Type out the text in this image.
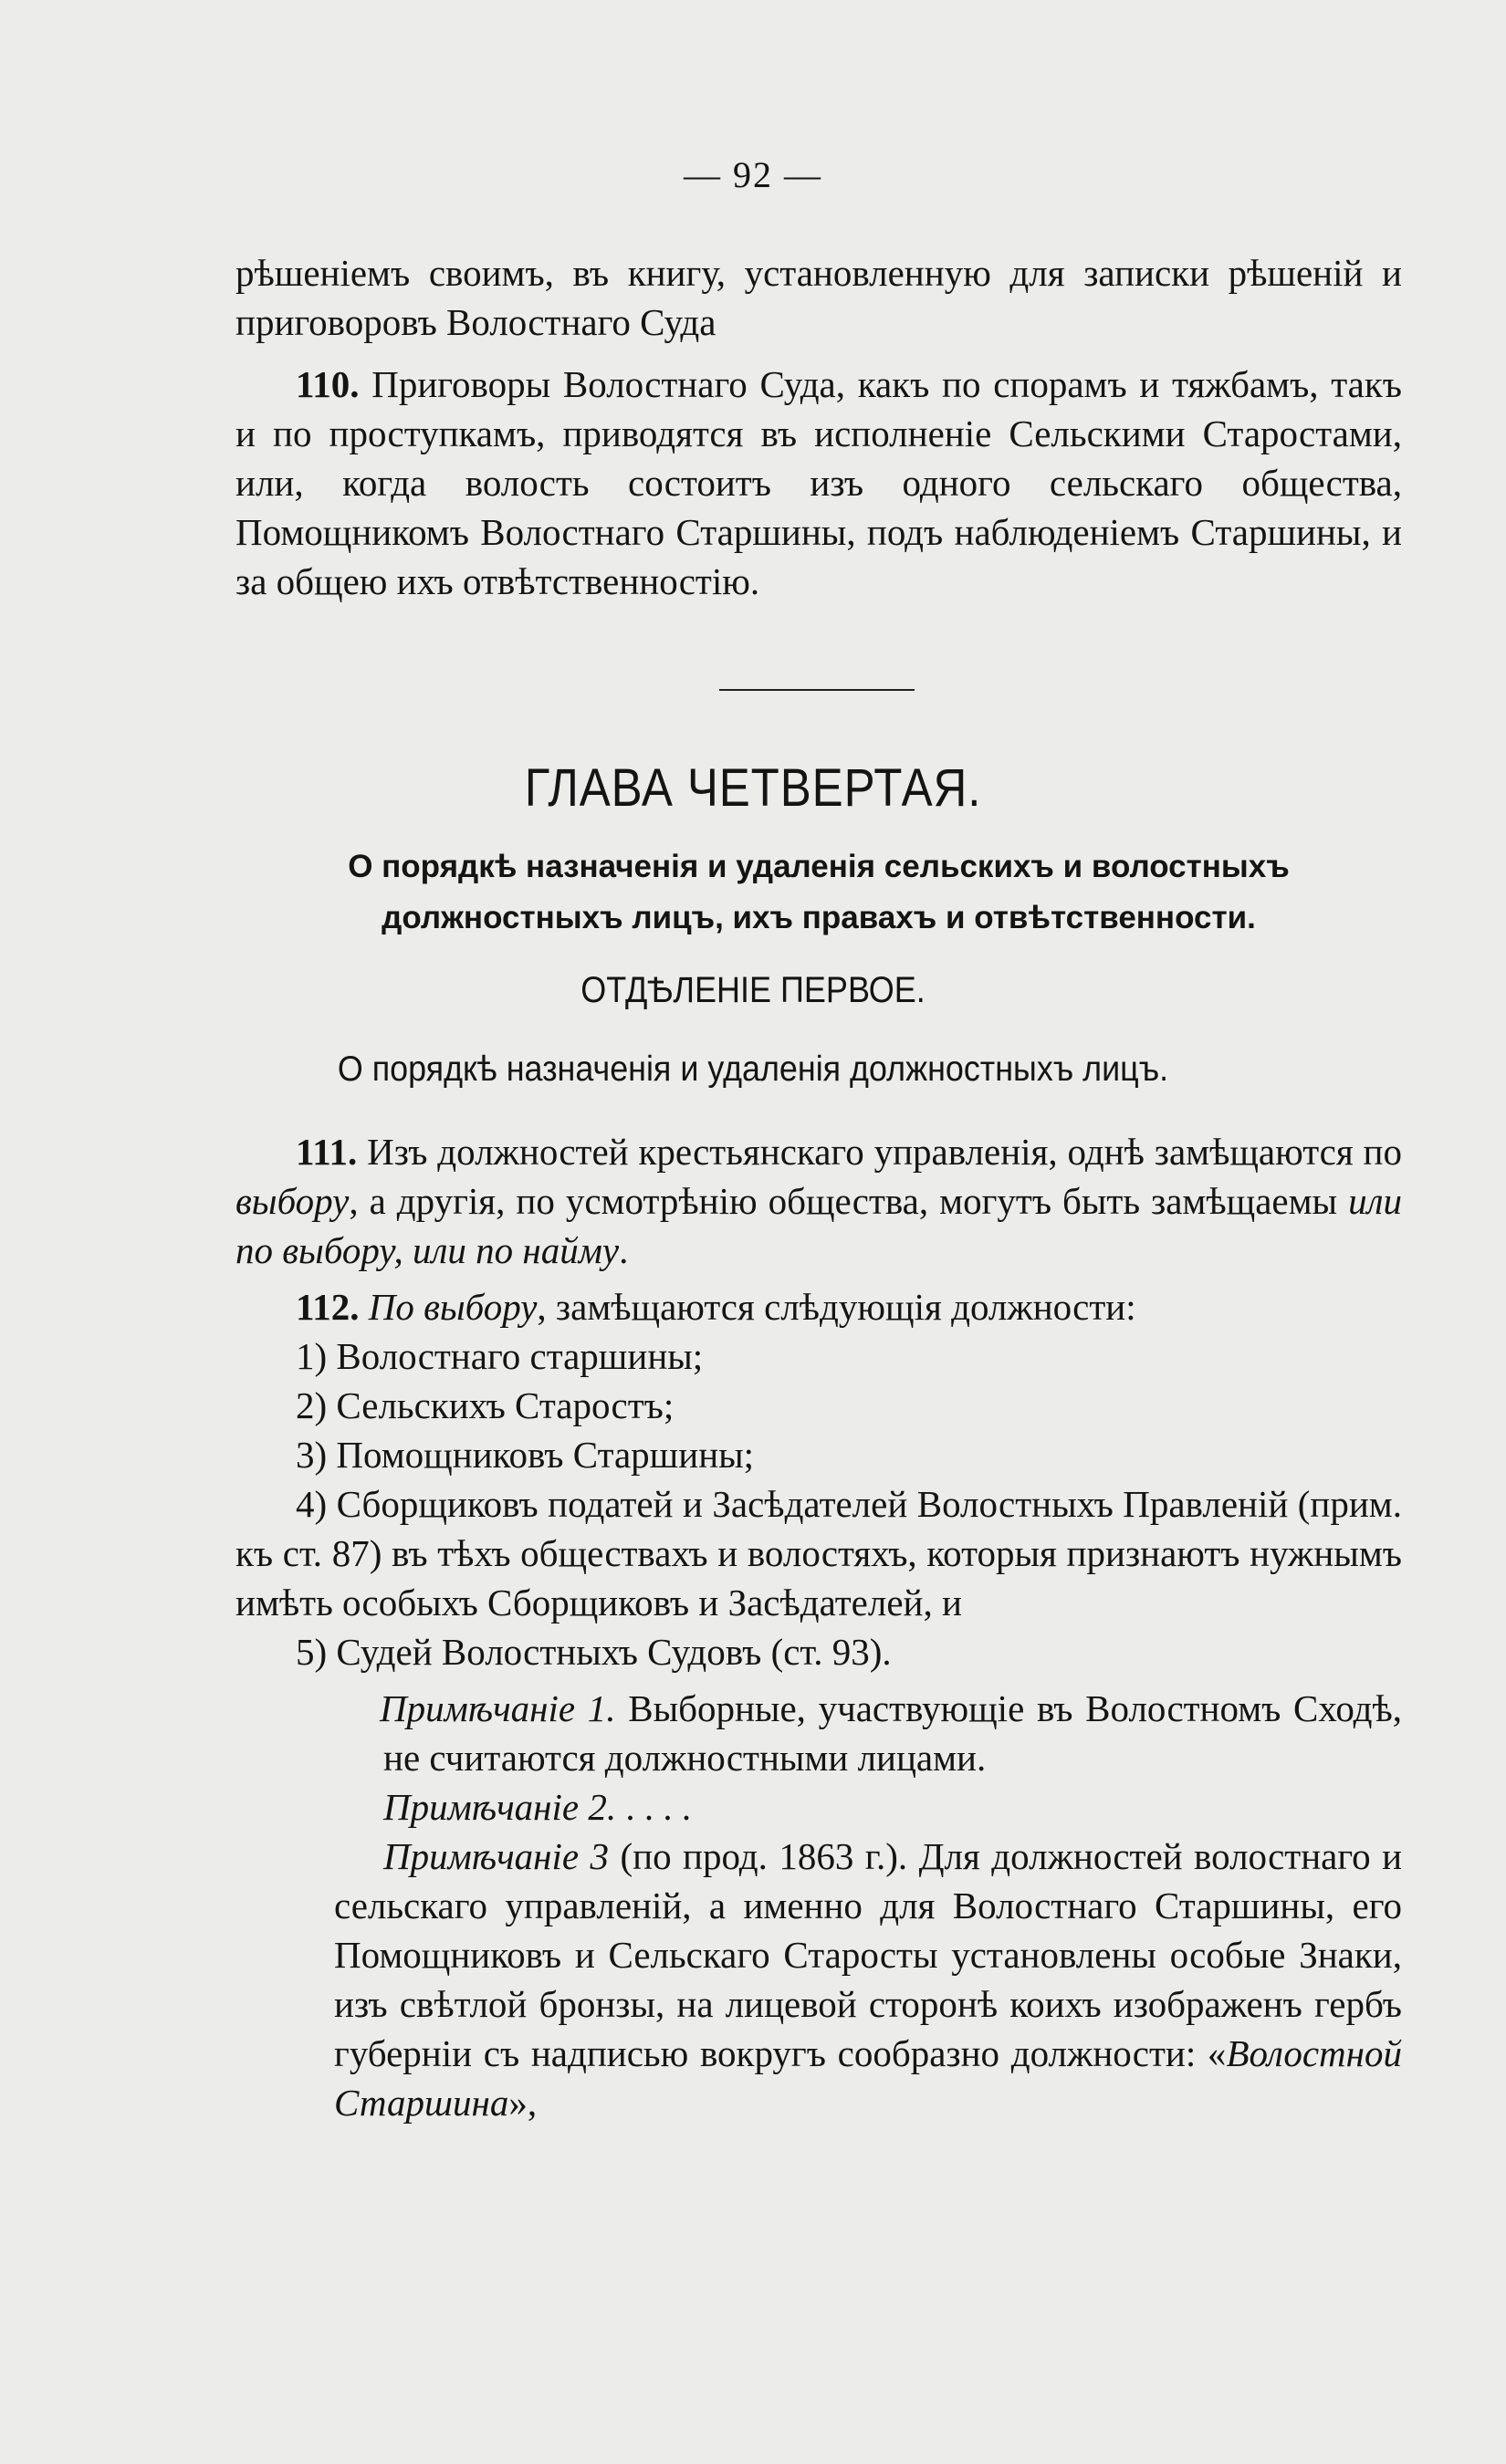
— 92 —

рѣшеніемъ своимъ, въ книгу, установленную для записки рѣшеній и приговоровъ Волостнаго Суда

110. Приговоры Волостнаго Суда, какъ по спорамъ и тяжбамъ, такъ и по проступкамъ, приводятся въ исполненіе Сельскими Старостами, или, когда волость состоитъ изъ одного сельскаго общества, Помощникомъ Волостнаго Старшины, подъ наблюденіемъ Старшины, и за общею ихъ отвѣтственностію.

ГЛАВА ЧЕТВЕРТАЯ.
О порядкѣ назначенія и удаленія сельскихъ и волостныхъ должностныхъ лицъ, ихъ правахъ и отвѣтственности.
ОТДѢЛЕНІЕ ПЕРВОЕ.
О порядкѣ назначенія и удаленія должностныхъ лицъ.

111. Изъ должностей крестьянскаго управленія, однѣ замѣщаются по выбору, а другія, по усмотрѣнію общества, могутъ быть замѣщаемы или по выбору, или по найму.

112. По выбору, замѣщаются слѣдующія должности:

1) Волостнаго старшины;

2) Сельскихъ Старостъ;

3) Помощниковъ Старшины;

4) Сборщиковъ податей и Засѣдателей Волостныхъ Правленій (прим. къ ст. 87) въ тѣхъ обществахъ и волостяхъ, которыя признаютъ нужнымъ имѣть особыхъ Сборщиковъ и Засѣдателей, и

5) Судей Волостныхъ Судовъ (ст. 93).

Примѣчаніе 1. Выборные, участвующіе въ Волостномъ Сходѣ, не считаются должностными лицами.

Примѣчаніе 2. . . . .

Примѣчаніе 3 (по прод. 1863 г.). Для должностей волостнаго и сельскаго управленій, а именно для Волостнаго Старшины, его Помощниковъ и Сельскаго Старосты установлены особые Знаки, изъ свѣтлой бронзы, на лицевой сторонѣ коихъ изображенъ гербъ губерніи съ надписью вокругъ сообразно должности: «Волостной Старшина»,
